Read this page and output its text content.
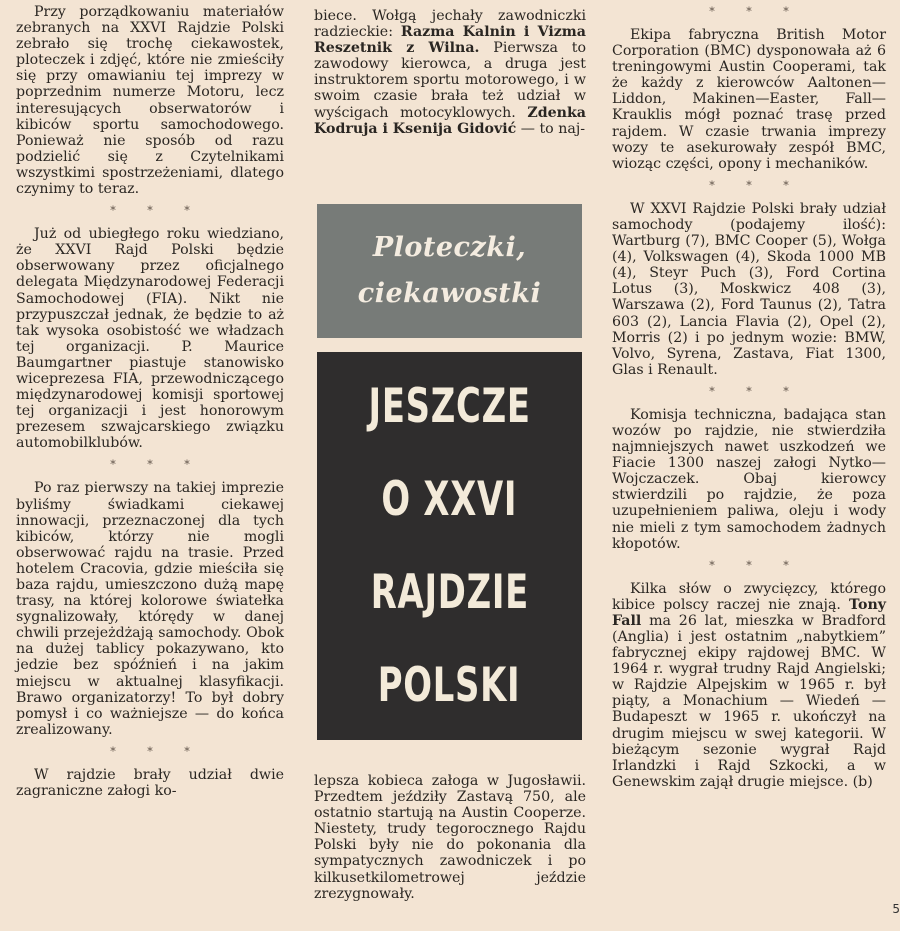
Przy porządkowaniu materiałów zebranych na XXVI Rajdzie Polski zebrało się trochę ciekawostek, ploteczek i zdjęć, które nie zmieściły się przy omawianiu tej imprezy w poprzednim numerze Motoru, lecz interesujących obserwatorów i kibiców sportu samochodowego. Ponieważ nie sposób od razu podzielić się z Czytelnikami wszystkimi spostrzeżeniami, dlatego czynimy to teraz.

* * *

Już od ubiegłego roku wiedziano, że XXVI Rajd Polski będzie obserwowany przez oficjalnego delegata Międzynarodowej Federacji Samochodowej (FIA). Nikt nie przypuszczał jednak, że będzie to aż tak wysoka osobistość we władzach tej organizacji. P. Maurice Baumgartner piastuje stanowisko wiceprezesa FIA, przewodniczącego międzynarodowej komisji sportowej tej organizacji i jest honorowym prezesem szwajcarskiego związku automobilklubów.

* * *

Po raz pierwszy na takiej imprezie byliśmy świadkami ciekawej innowacji, przeznaczonej dla tych kibiców, którzy nie mogli obserwować rajdu na trasie. Przed hotelem Cracovia, gdzie mieściła się baza rajdu, umieszczono dużą mapę trasy, na której kolorowe światełka sygnalizowały, którędy w danej chwili przejeżdżają samochody. Obok na dużej tablicy pokazywano, kto jedzie bez spóźnień i na jakim miejscu w aktualnej klasyfikacji. Brawo organizatorzy! To był dobry pomysł i co ważniejsze — do końca zrealizowany.

* * *

W rajdzie brały udział dwie zagraniczne załogi ko-

biece. Wołgą jechały zawodniczki radzieckie: Razma Kalnin i Vizma Reszetnik z Wilna. Pierwsza to zawodowy kierowca, a druga jest instruktorem sportu motorowego, i w swoim czasie brała też udział w wyścigach motocyklowych. Zdenka Kodruja i Ksenija Gidović — to naj-

Ploteczki,
ciekawostki
JESZCZE
O XXVI
RAJDZIE
POLSKI

lepsza kobieca załoga w Jugosławii. Przedtem jeździły Zastavą 750, ale ostatnio startują na Austin Cooperze. Niestety, trudy tegorocznego Rajdu Polski były nie do pokonania dla sympatycznych zawodniczek i po kilkusetkilometrowej jeździe zrezygnowały.

* * *

Ekipa fabryczna British Motor Corporation (BMC) dysponowała aż 6 treningowymi Austin Cooperami, tak że każdy z kierowców Aaltonen—Liddon, Makinen—Easter, Fall—Krauklis mógł poznać trasę przed rajdem. W czasie trwania imprezy wozy te asekurowały zespół BMC, wioząc części, opony i mechaników.

* * *

W XXVI Rajdzie Polski brały udział samochody (podajemy ilość): Wartburg (7), BMC Cooper (5), Wołga (4), Volkswagen (4), Skoda 1000 MB (4), Steyr Puch (3), Ford Cortina Lotus (3), Moskwicz 408 (3), Warszawa (2), Ford Taunus (2), Tatra 603 (2), Lancia Flavia (2), Opel (2), Morris (2) i po jednym wozie: BMW, Volvo, Syrena, Zastava, Fiat 1300, Glas i Renault.

* * *

Komisja techniczna, badająca stan wozów po rajdzie, nie stwierdziła najmniejszych nawet uszkodzeń we Fiacie 1300 naszej załogi Nytko—Wojczaczek. Obaj kierowcy stwierdzili po rajdzie, że poza uzupełnieniem paliwa, oleju i wody nie mieli z tym samochodem żadnych kłopotów.

* * *

Kilka słów o zwycięzcy, którego kibice polscy raczej nie znają. Tony Fall ma 26 lat, mieszka w Bradford (Anglia) i jest ostatnim „nabytkiem” fabrycznej ekipy rajdowej BMC. W 1964 r. wygrał trudny Rajd Angielski; w Rajdzie Alpejskim w 1965 r. był piąty, a Monachium — Wiedeń — Budapeszt w 1965 r. ukończył na drugim miejscu w swej kategorii. W bieżącym sezonie wygrał Rajd Irlandzki i Rajd Szkocki, a w Genewskim zajął drugie miejsce. (b)

5
